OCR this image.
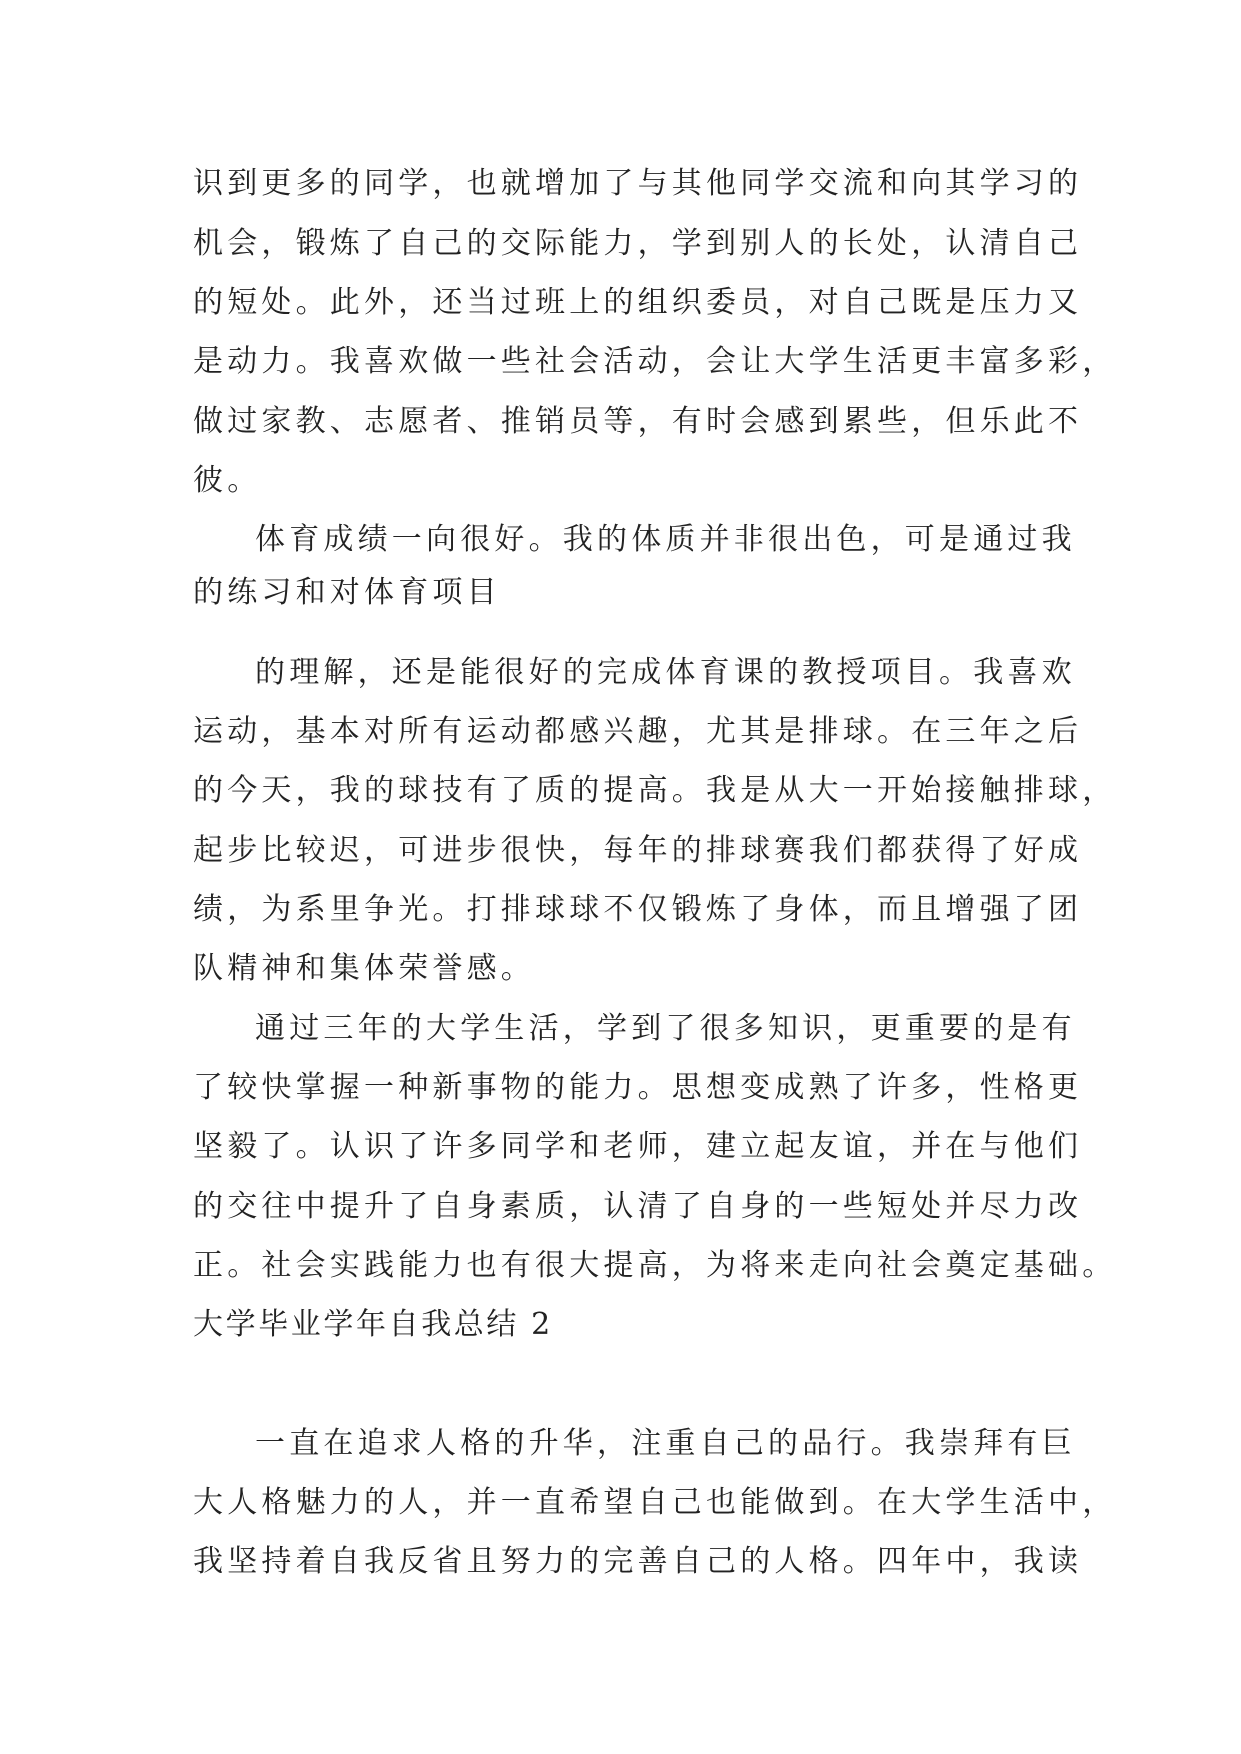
识到更多的同学，也就增加了与其他同学交流和向其学习的
机会，锻炼了自己的交际能力，学到别人的长处，认清自己
的短处。此外，还当过班上的组织委员，对自己既是压力又
是动力。我喜欢做一些社会活动，会让大学生活更丰富多彩，
做过家教、志愿者、推销员等，有时会感到累些，但乐此不
彼。
体育成绩一向很好。我的体质并非很出色，可是通过我
的练习和对体育项目
的理解，还是能很好的完成体育课的教授项目。我喜欢
运动，基本对所有运动都感兴趣，尤其是排球。在三年之后
的今天，我的球技有了质的提高。我是从大一开始接触排球，
起步比较迟，可进步很快，每年的排球赛我们都获得了好成
绩，为系里争光。打排球球不仅锻炼了身体，而且增强了团
队精神和集体荣誉感。
通过三年的大学生活，学到了很多知识，更重要的是有
了较快掌握一种新事物的能力。思想变成熟了许多，性格更
坚毅了。认识了许多同学和老师，建立起友谊，并在与他们
的交往中提升了自身素质，认清了自身的一些短处并尽力改
正。社会实践能力也有很大提高，为将来走向社会奠定基础。
大学毕业学年自我总结 2
一直在追求人格的升华，注重自己的品行。我崇拜有巨
大人格魅力的人，并一直希望自己也能做到。在大学生活中，
我坚持着自我反省且努力的完善自己的人格。四年中，我读
